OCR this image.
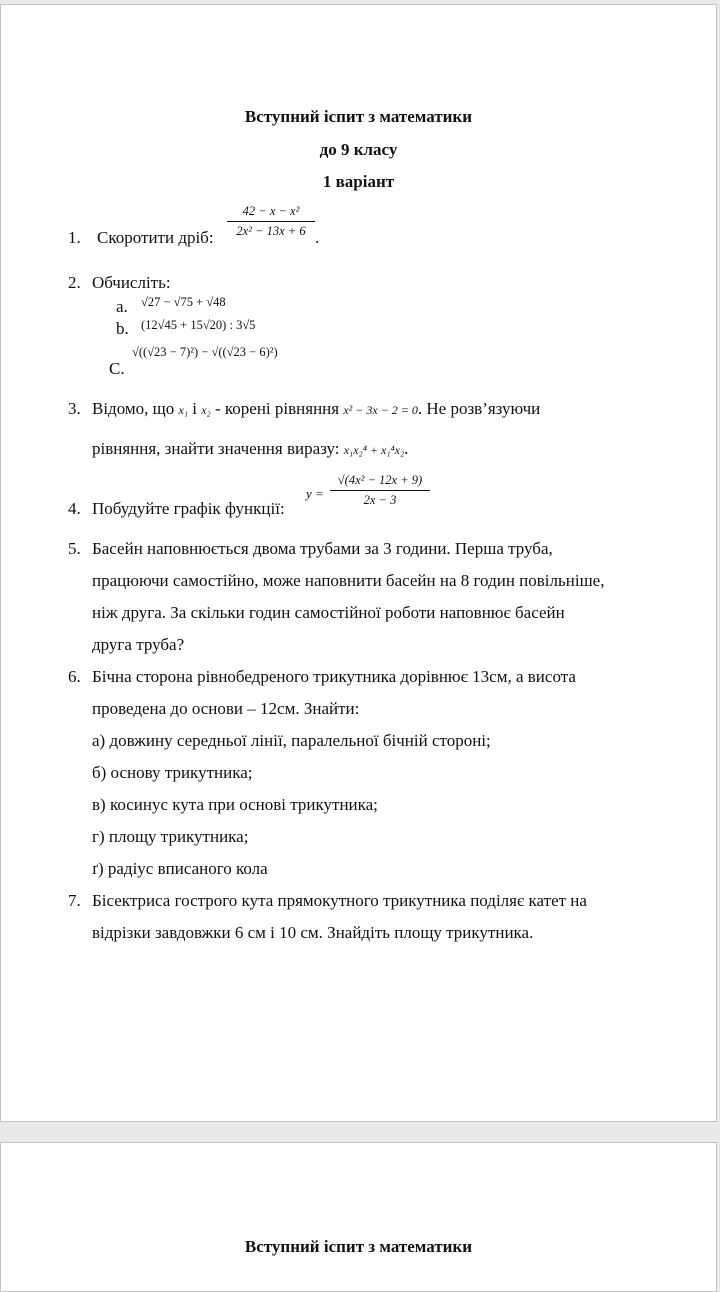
Вступний іспит з математики
до 9 класу
1 варіант
1. Скоротити дріб:
42 − x − x²
2x² − 13x + 6 .
2. Обчисліть:
a. √27 − √75 + √48
b. (12√45 + 15√20) : 3√5
C.
√((√23 − 7)²) − √((√23 − 6)²)
3. Відомо, що x₁ і x₂ - корені рівняння x² − 3x − 2 = 0. Не розв’язуючи
рівняння, знайти значення виразу: x₁x₂⁴ + x₁⁴x₂.
4. Побудуйте графік функції:
y =
√(4x² − 12x + 9)
2x − 3
5. Басейн наповнюється двома трубами за 3 години. Перша труба,
працюючи самостійно, може наповнити басейн на 8 годин повільніше,
ніж друга. За скільки годин самостійної роботи наповнює басейн
друга труба?
6. Бічна сторона рівнобедреного трикутника дорівнює 13см, а висота
проведена до основи – 12см. Знайти:
а) довжину середньої лінії, паралельної бічній стороні;
б) основу трикутника;
в) косинус кута при основі трикутника;
г) площу трикутника;
ґ) радіус вписаного кола
7. Бісектриса гострого кута прямокутного трикутника поділяє катет на
відрізки завдовжки 6 см і 10 см. Знайдіть площу трикутника.
Вступний іспит з математики
